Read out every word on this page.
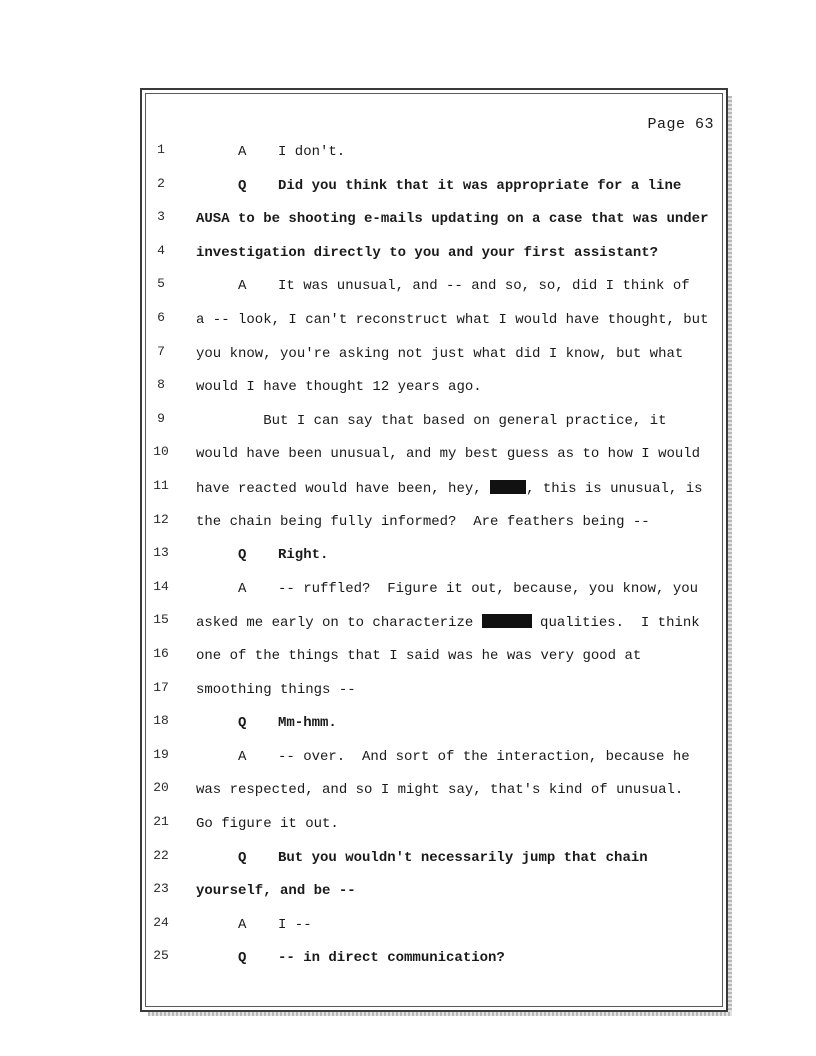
Page 63
1	A I don't.
2	Q Did you think that it was appropriate for a line
3	AUSA to be shooting e-mails updating on a case that was under
4	investigation directly to you and your first assistant?
5	A It was unusual, and -- and so, so, did I think of
6	a -- look, I can't reconstruct what I would have thought, but
7	you know, you're asking not just what did I know, but what
8	would I have thought 12 years ago.
9	But I can say that based on general practice, it
10 would have been unusual, and my best guess as to how I would
11 have reacted would have been, hey,	, this is unusual, is
12 the chain being fully informed?  Are feathers being --
13	Q Right.
14	A -- ruffled?  Figure it out, because, you know, you
15 asked me early on to characterize	qualities.  I think
16 one of the things that I said was he was very good at
17 smoothing things --
18	Q Mm-hmm.
19	A -- over.  And sort of the interaction, because he
20 was respected, and so I might say, that's kind of unusual.
21 Go figure it out.
22	Q But you wouldn't necessarily jump that chain
23 yourself, and be --
24	A I --
25	Q -- in direct communication?
